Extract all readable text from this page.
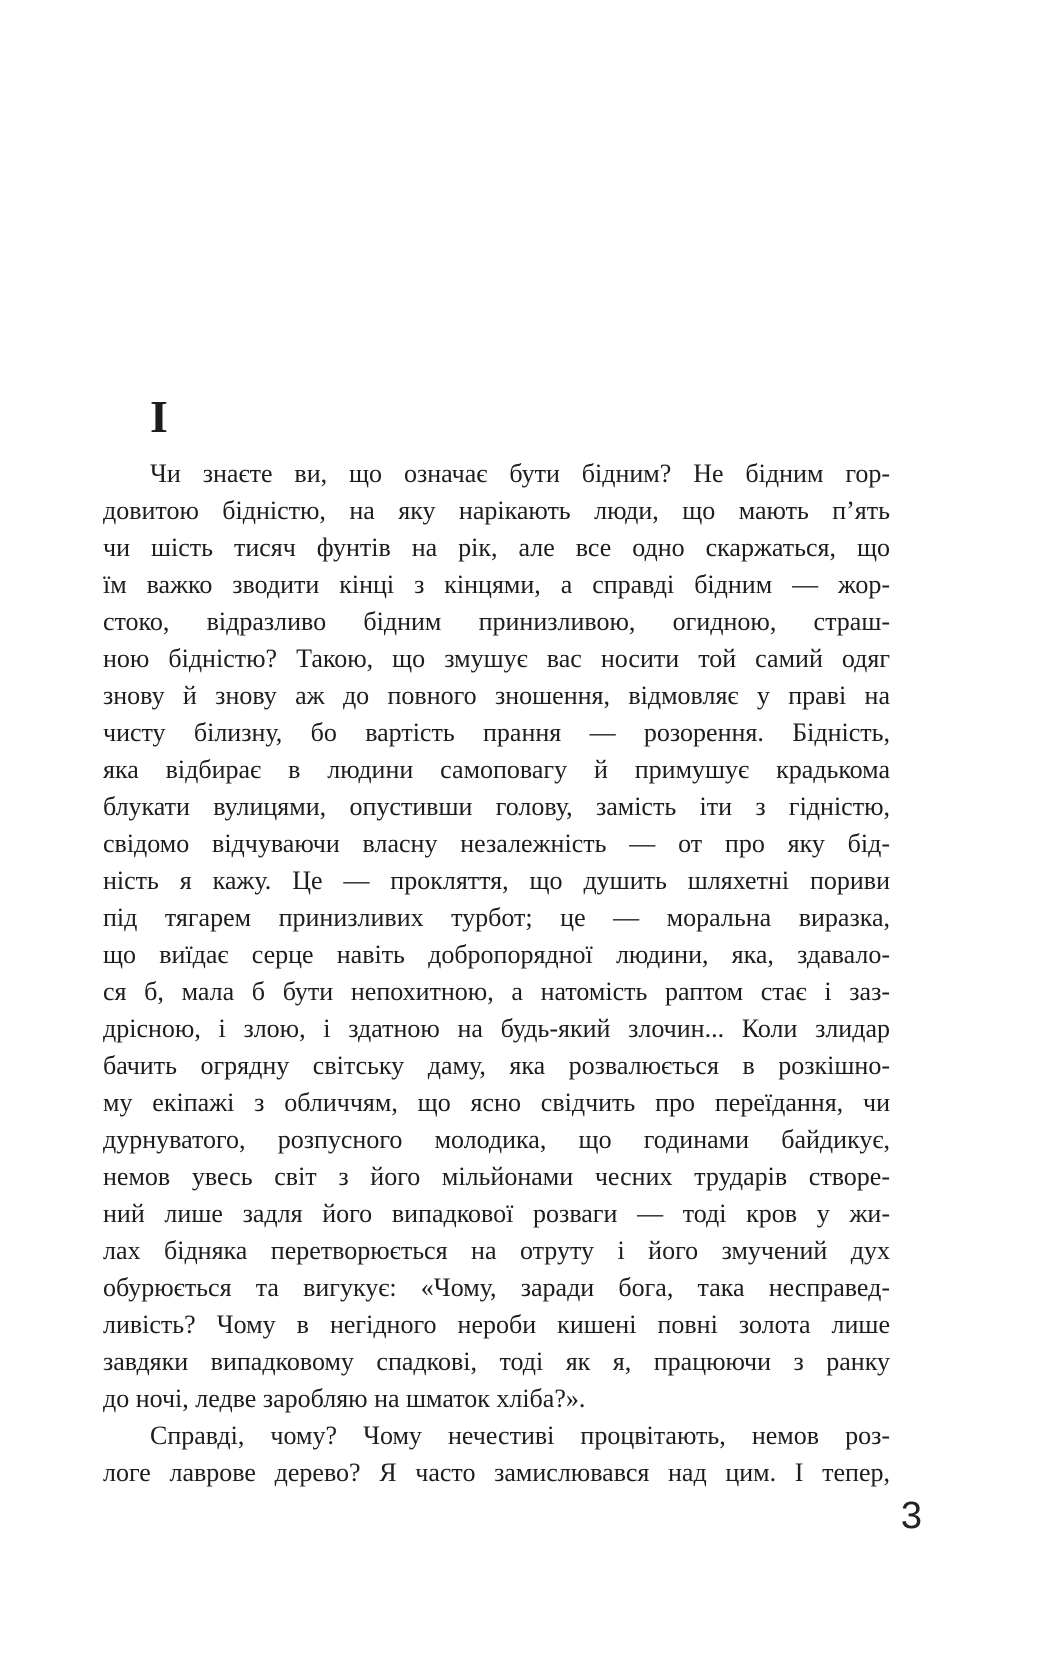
І
Чи знаєте ви, що означає бути бідним? Не бідним гор-
довитою бідністю, на яку нарікають люди, що мають п’ять
чи шість тисяч фунтів на рік, але все одно скаржаться, що
їм важко зводити кінці з кінцями, а справді бідним — жор-
стоко, відразливо бідним принизливою, огидною, страш-
ною бідністю? Такою, що змушує вас носити той самий одяг
знову й знову аж до повного зношення, відмовляє у праві на
чисту білизну, бо вартість прання — розорення. Бідність,
яка відбирає в людини самоповагу й примушує крадькома
блукати вулицями, опустивши голову, замість іти з гідністю,
свідомо відчуваючи власну незалежність — от про яку бід-
ність я кажу. Це — прокляття, що душить шляхетні пориви
під тягарем принизливих турбот; це — моральна виразка,
що виїдає серце навіть добропорядної людини, яка, здавало-
ся б, мала б бути непохитною, а натомість раптом стає і заз-
дрісною, і злою, і здатною на будь-який злочин... Коли злидар
бачить огрядну світську даму, яка розвалюється в розкішно-
му екіпажі з обличчям, що ясно свідчить про переїдання, чи
дурнуватого, розпусного молодика, що годинами байдикує,
немов увесь світ з його мільйонами чесних трударів створе-
ний лише задля його випадкової розваги — тоді кров у жи-
лах бідняка перетворюється на отруту і його змучений дух
обурюється та вигукує: «Чому, заради бога, така несправед-
ливість? Чому в негідного нероби кишені повні золота лише
завдяки випадковому спадкові, тоді як я, працюючи з ранку
до ночі, ледве заробляю на шматок хліба?».
Справді, чому? Чому нечестиві процвітають, немов роз-
логе лаврове дерево? Я часто замислювався над цим. І тепер,
3
